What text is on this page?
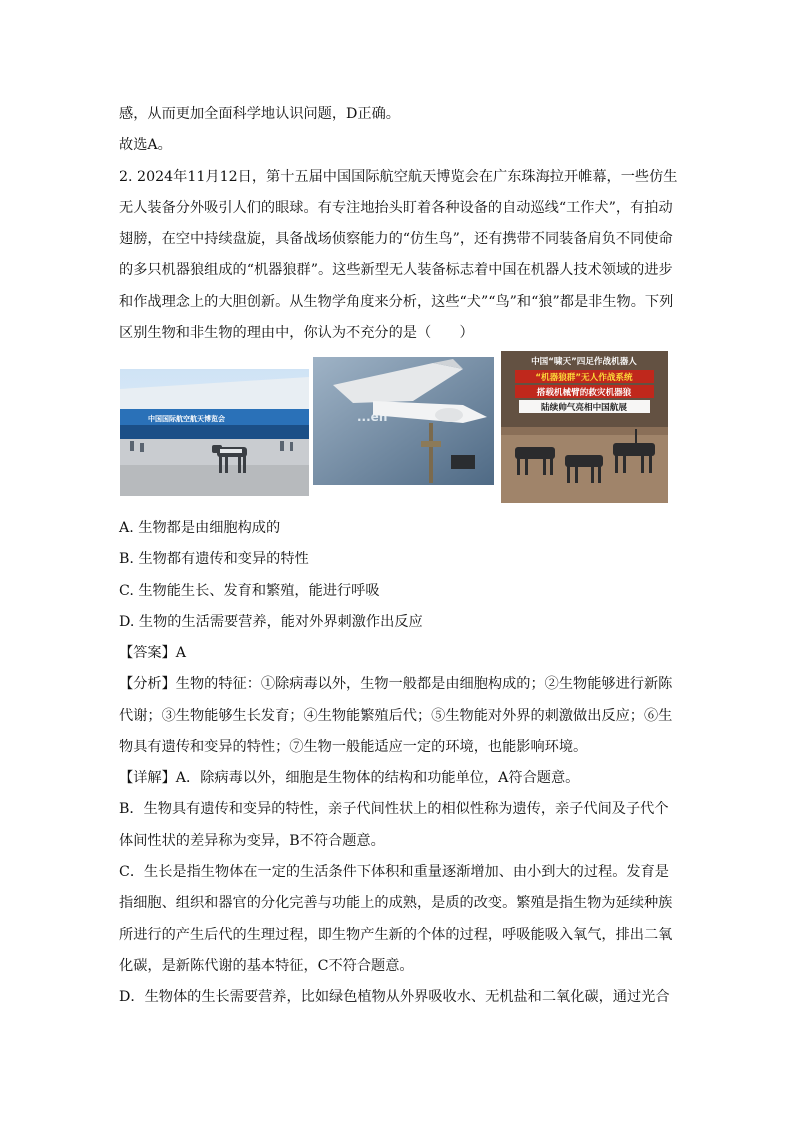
感，从而更加全面科学地认识问题，D正确。

故选A。

2. 2024年11月12日，第十五届中国国际航空航天博览会在广东珠海拉开帷幕，一些仿生

无人装备分外吸引人们的眼球。有专注地抬头盯着各种设备的自动巡线“工作犬”，有拍动

翅膀，在空中持续盘旋，具备战场侦察能力的“仿生鸟”，还有携带不同装备肩负不同使命

的多只机器狼组成的“机器狼群”。这些新型无人装备标志着中国在机器人技术领域的进步

和作战理念上的大胆创新。从生物学角度来分析，这些“犬”“鸟”和“狼”都是非生物。下列

区别生物和非生物的理由中，你认为不充分的是（　　）

中国国际航空航天博览会	...en
中国“啸天”四足作战机器人
“机器狼群”无人作战系统
搭载机械臂的救灾机器狼
陆续帅气亮相中国航展

A. 生物都是由细胞构成的

B. 生物都有遗传和变异的特性

C. 生物能生长、发育和繁殖，能进行呼吸

D. 生物的生活需要营养，能对外界刺激作出反应

【答案】A

【分析】生物的特征：①除病毒以外，生物一般都是由细胞构成的；②生物能够进行新陈

代谢；③生物能够生长发育；④生物能繁殖后代；⑤生物能对外界的刺激做出反应；⑥生

物具有遗传和变异的特性；⑦生物一般能适应一定的环境，也能影响环境。

【详解】A．除病毒以外，细胞是生物体的结构和功能单位，A符合题意。

B．生物具有遗传和变异的特性，亲子代间性状上的相似性称为遗传，亲子代间及子代个

体间性状的差异称为变异，B不符合题意。

C．生长是指生物体在一定的生活条件下体积和重量逐渐增加、由小到大的过程。发育是

指细胞、组织和器官的分化完善与功能上的成熟，是质的改变。繁殖是指生物为延续种族

所进行的产生后代的生理过程，即生物产生新的个体的过程，呼吸能吸入氧气，排出二氧

化碳，是新陈代谢的基本特征，C不符合题意。

D．生物体的生长需要营养，比如绿色植物从外界吸收水、无机盐和二氧化碳，通过光合
